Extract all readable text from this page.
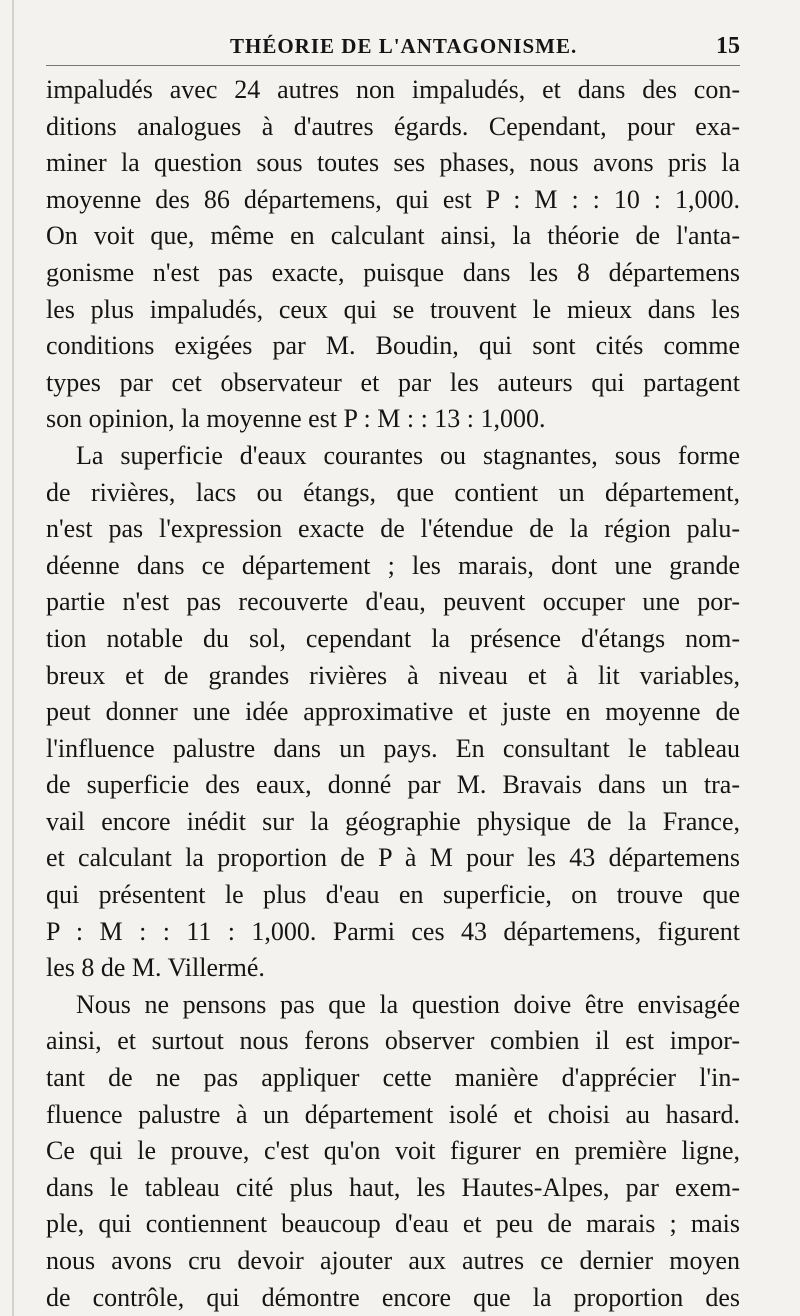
THÉORIE DE L'ANTAGONISME.	15
impaludés avec 24 autres non impaludés, et dans des con-
ditions analogues à d'autres égards. Cependant, pour exa-
miner la question sous toutes ses phases, nous avons pris la
moyenne des 86 départemens, qui est P : M : : 10 : 1,000.
On voit que, même en calculant ainsi, la théorie de l'anta-
gonisme n'est pas exacte, puisque dans les 8 départemens
les plus impaludés, ceux qui se trouvent le mieux dans les
conditions exigées par M. Boudin, qui sont cités comme
types par cet observateur et par les auteurs qui partagent
son opinion, la moyenne est P : M : : 13 : 1,000.
La superficie d'eaux courantes ou stagnantes, sous forme
de rivières, lacs ou étangs, que contient un département,
n'est pas l'expression exacte de l'étendue de la région palu-
déenne dans ce département ; les marais, dont une grande
partie n'est pas recouverte d'eau, peuvent occuper une por-
tion notable du sol, cependant la présence d'étangs nom-
breux et de grandes rivières à niveau et à lit variables,
peut donner une idée approximative et juste en moyenne de
l'influence palustre dans un pays. En consultant le tableau
de superficie des eaux, donné par M. Bravais dans un tra-
vail encore inédit sur la géographie physique de la France,
et calculant la proportion de P à M pour les 43 départemens
qui présentent le plus d'eau en superficie, on trouve que
P : M : : 11 : 1,000. Parmi ces 43 départemens, figurent
les 8 de M. Villermé.
Nous ne pensons pas que la question doive être envisagée
ainsi, et surtout nous ferons observer combien il est impor-
tant de ne pas appliquer cette manière d'apprécier l'in-
fluence palustre à un département isolé et choisi au hasard.
Ce qui le prouve, c'est qu'on voit figurer en première ligne,
dans le tableau cité plus haut, les Hautes-Alpes, par exem-
ple, qui contiennent beaucoup d'eau et peu de marais ; mais
nous avons cru devoir ajouter aux autres ce dernier moyen
de contrôle, qui démontre encore que la proportion des
